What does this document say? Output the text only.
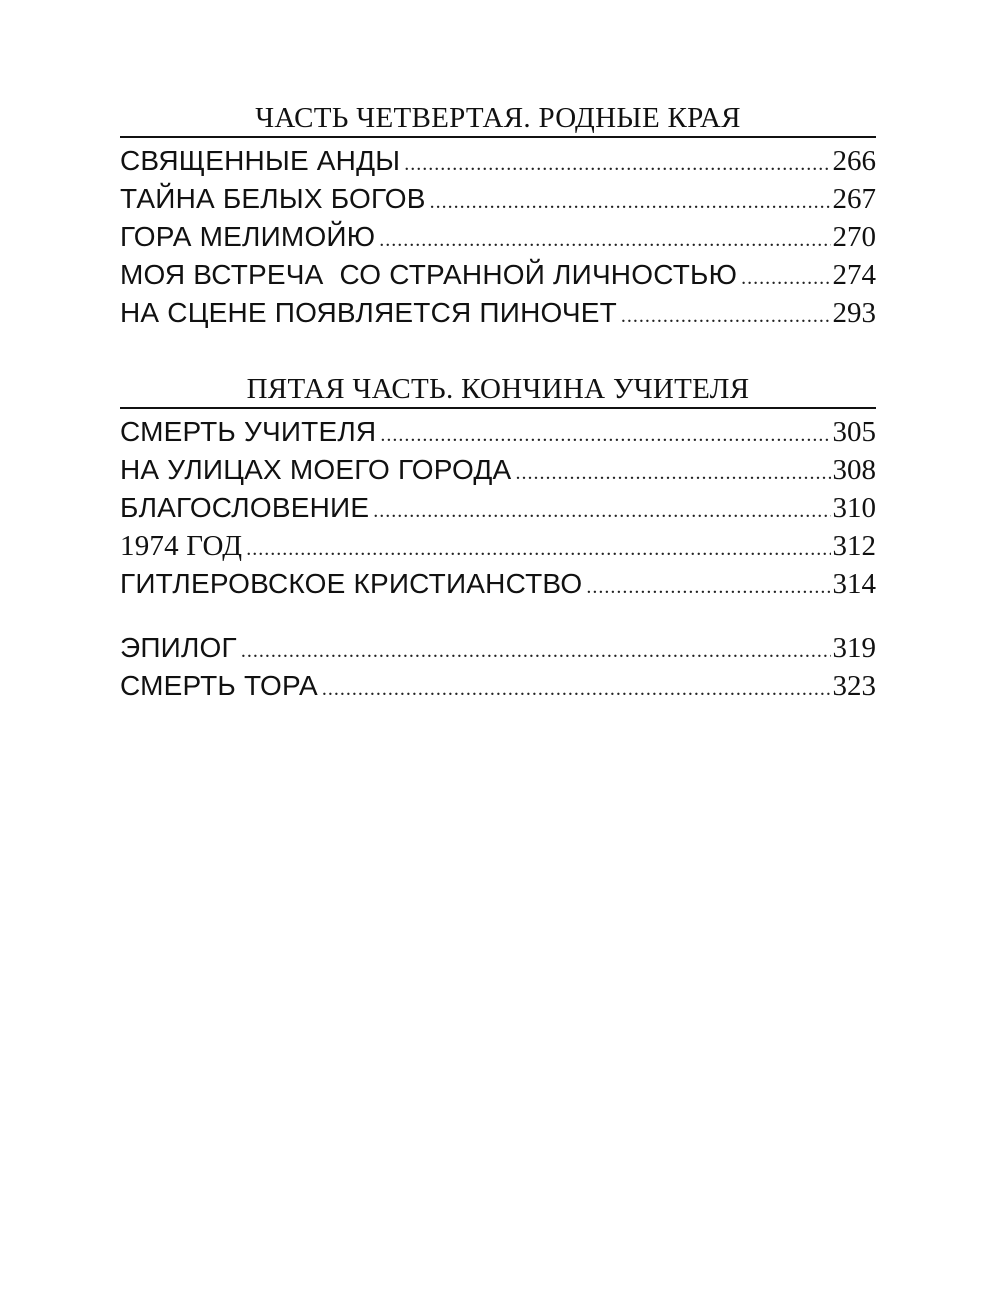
ЧАСТЬ ЧЕТВЕРТАЯ. РОДНЫЕ КРАЯ
СВЯЩЕННЫЕ АНДЫ .....	266
ТАЙНА БЕЛЫХ БОГОВ .....	267
ГОРА МЕЛИМОЙЮ .....	270
МОЯ ВСТРЕЧА  СО СТРАННОЙ ЛИЧНОСТЬЮ .....	274
НА СЦЕНЕ ПОЯВЛЯЕТСЯ ПИНОЧЕТ .....	293
ПЯТАЯ ЧАСТЬ. КОНЧИНА УЧИТЕЛЯ
СМЕРТЬ УЧИТЕЛЯ .....	305
НА УЛИЦАХ МОЕГО ГОРОДА .....	308
БЛАГОСЛОВЕНИЕ .....	310
1974 ГОД .....	312
ГИТЛЕРОВСКОЕ КРИСТИАНСТВО .....	314
ЭПИЛОГ .....	319
СМЕРТЬ ТОРА .....	323
